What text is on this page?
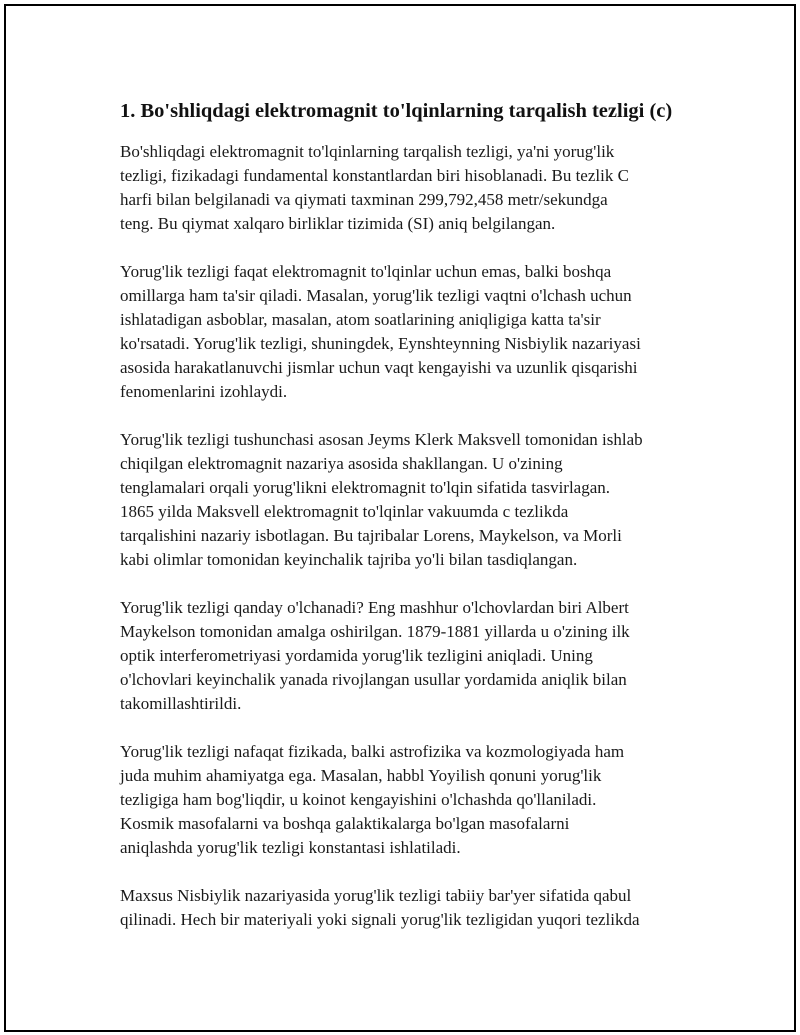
1. Bo'shliqdagi elektromagnit to'lqinlarning tarqalish tezligi (c)

Bo'shliqdagi elektromagnit to'lqinlarning tarqalish tezligi, ya'ni yorug'lik
tezligi, fizikadagi fundamental konstantlardan biri hisoblanadi. Bu tezlik C
harfi bilan belgilanadi va qiymati taxminan 299,792,458 metr/sekundga
teng. Bu qiymat xalqaro birliklar tizimida (SI) aniq belgilangan.

Yorug'lik tezligi faqat elektromagnit to'lqinlar uchun emas, balki boshqa
omillarga ham ta'sir qiladi. Masalan, yorug'lik tezligi vaqtni o'lchash uchun
ishlatadigan asboblar, masalan, atom soatlarining aniqligiga katta ta'sir
ko'rsatadi. Yorug'lik tezligi, shuningdek, Eynshteynning Nisbiylik nazariyasi
asosida harakatlanuvchi jismlar uchun vaqt kengayishi va uzunlik qisqarishi
fenomenlarini izohlaydi.

Yorug'lik tezligi tushunchasi asosan Jeyms Klerk Maksvell tomonidan ishlab
chiqilgan elektromagnit nazariya asosida shakllangan. U o'zining
tenglamalari orqali yorug'likni elektromagnit to'lqin sifatida tasvirlagan.
1865 yilda Maksvell elektromagnit to'lqinlar vakuumda c tezlikda
tarqalishini nazariy isbotlagan. Bu tajribalar Lorens, Maykelson, va Morli
kabi olimlar tomonidan keyinchalik tajriba yo'li bilan tasdiqlangan.

Yorug'lik tezligi qanday o'lchanadi? Eng mashhur o'lchovlardan biri Albert
Maykelson tomonidan amalga oshirilgan. 1879-1881 yillarda u o'zining ilk
optik interferometriyasi yordamida yorug'lik tezligini aniqladi. Uning
o'lchovlari keyinchalik yanada rivojlangan usullar yordamida aniqlik bilan
takomillashtirildi.

Yorug'lik tezligi nafaqat fizikada, balki astrofizika va kozmologiyada ham
juda muhim ahamiyatga ega. Masalan, habbl Yoyilish qonuni yorug'lik
tezligiga ham bog'liqdir, u koinot kengayishini o'lchashda qo'llaniladi.
Kosmik masofalarni va boshqa galaktikalarga bo'lgan masofalarni
aniqlashda yorug'lik tezligi konstantasi ishlatiladi.

Maxsus Nisbiylik nazariyasida yorug'lik tezligi tabiiy bar'yer sifatida qabul
qilinadi. Hech bir materiyali yoki signali yorug'lik tezligidan yuqori tezlikda
